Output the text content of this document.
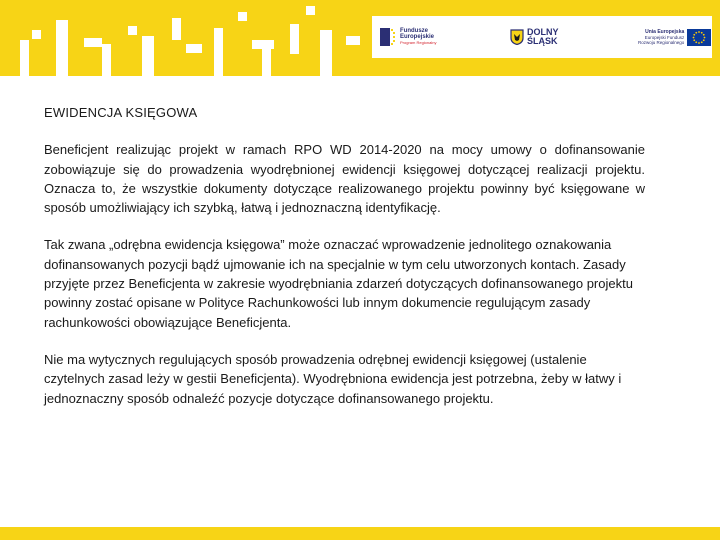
Fundusze
Europejskie
Program Regionalny
DOLNY
ŚLĄSK
Unia Europejska
Europejski Fundusz
Rozwoju Regionalnego
EWIDENCJA KSIĘGOWA

Beneficjent realizując projekt w ramach RPO WD 2014-2020 na mocy umowy o dofinansowanie zobowiązuje się do prowadzenia wyodrębnionej ewidencji księgowej dotyczącej realizacji projektu. Oznacza to, że wszystkie dokumenty dotyczące realizowanego projektu powinny być księgowane w sposób umożliwiający ich szybką, łatwą i jednoznaczną identyfikację.

Tak zwana „odrębna ewidencja księgowa” może oznaczać wprowadzenie jednolitego oznakowania dofinansowanych pozycji bądź ujmowanie ich na specjalnie w tym celu utworzonych kontach. Zasady przyjęte przez Beneficjenta w zakresie wyodrębniania zdarzeń dotyczących dofinansowanego projektu powinny zostać opisane w Polityce Rachunkowości lub innym dokumencie regulującym zasady rachunkowości obowiązujące Beneficjenta.

Nie ma wytycznych regulujących sposób prowadzenia odrębnej ewidencji księgowej (ustalenie czytelnych zasad leży w gestii Beneficjenta). Wyodrębniona ewidencja jest potrzebna, żeby w łatwy i jednoznaczny sposób odnaleźć pozycje dotyczące dofinansowanego projektu.
